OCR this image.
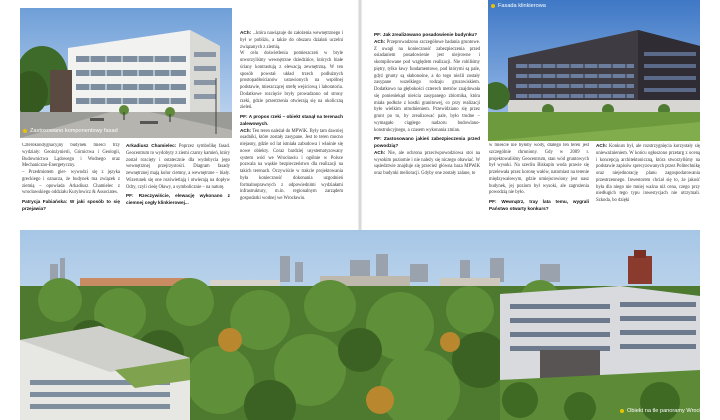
Zastosowano komponentowy fasad
Fasada klinkierowa

Czterokondygnacyjny budynek mieści trzy wydziały: Geoinżynierii, Górnictwa i Geologii, Budownictwa Lądowego i Wodnego oraz Mechaniczno-Energetyczny.

– Przedmiotem gier- wywodzi się z języka greckiego i oznacza, że budynek ma związek z ziemią – opowiada Arkadiusz Chamielec z wrocławskiego oddziału Kurylowicz & Associates.

Patrycja Fabiańska: W jaki sposób to się przejawia?

Arkadiusz Chamielec: Poprzez symbolikę fasad. Geocentrum to wydobyty z ziemi czarny kamień, który został rozcięty i ostatecznie dla wydobycia jego wewnętrznej przejrzystości. Diagram fasady zewnętrznej mają kolor ciemny, a wewnętrzne – biały. Wizerunek się one rozświetlają i otwierają na dopływ Odry, czyli cieśę Oławy, a symbolicznie – na naturę.

PF: Rzeczywiście, elewację wykonano z ciemnej cegły klinkierowej...

ACh: ...która nawiązuje do założenia wewnętrznego i był w pobliżu, a także do obszaru działań uczelni związanych z ziemią.

W celu doświetlenia pomieszczeń w bryle utworzyliśmy wewnętrzne dziedzińce, których białe ściany kontrastują z elewacją zewnętrzną. W ten sposób powstał układ trzech podłużnych prostopadłościanów ustawionych na wspólnej podstawie, mieszczącej strefę wejściową i laboratoria. Dodatkowe rozcięcie bryły prowadzono od strony rzeki, gdzie przestrzenia otwierają się na okoliczną zieleń.

PF: A propos rzeki – obiekt stanął na terenach zalewowych.

ACh: Ten teren należał do MPWiK. Były tam dawniej osadniki, które zostały zasypane. Jest to teren mocno niejasny, gdzie od lat istniała zabudowa i właśnie się nowe obiekty. Coraz bardziej usystematyzowany system wód we Wrocławiu i ogólnie w Polsce pozwala na wąskie bezpieczeństwo dla realizacji na takich terenach. Oczywiście w trakcie projektowania była konieczność dokonania uzgodnień formalnoprawnych z odpowiednimi wydziałami infrastruktury, m.in. regionalnym zarządem gospodarki wodnej we Wrocławiu.

PF: Jak zrealizowano posadowienie budynku?

ACh: Przeprowadzono szczegółowe badania gruntowe. Z uwagi na konieczność zabezpieczenia przed osiadaniem posadowienie jest niejrowne i skompilowane pod względem realizacji. Nie robiliśmy piętry, tylko ławy fundamentowe, pod którymi są pale, gdyż grunty są słabonośne, a do tego nieźli zostały zasypane wszelkiego rodzaju gruzowiskiem. Dodatkowo na głębokości czterech metrów znajdowała się ponieniekąd nieścia zasypanego zbiornika, która miała podłoże z kostki granitowej, co przy realizacji było wielkim utrudnieniem. Przewidziano się przez grunt po to, by zrealizować pale, było trudne – wymagało ciągłego nadzoru budowlano-konstrukcyjnego, a czasem wykonania zmian.

PF: Zastosowano jakieś zabezpieczenia przed powodzią?

ACh: Nie, ale ochrona przeciwpowodziowa stoi na wysokim poziomie i nie należy się niczego obawiać. W sąsiedztwie znajduje się przecież główna baza MPWiK oraz budynki melioracji. Gdyby one zostały zalane, to

w mieście nie byłoby wody, dlatego ten teren jest szczególnie chroniony. Gdy w 2009 r. projektowaliśmy Geocentrum, stan wód gruntowych był wysoki. Na szeciłu Biskupin woda prawie się przelewała przez koronę wałów, natomiast na terenie międzywałowym, gdzie umiejscowiony jest nasz budynek, jej poziom był wysoki, ale zagrożenia powodzią nie było.

PF: Wewnątrz, tray lata temu, wygrali Państwo otwarty konkurs?

ACh: Konkurs był, ale rozstrzygnięcia korzystały się unieważnieniem. W końcu ogłoszono przetarg z oceną i koncepcją architektoniczną, która stworzyliśmy na podstawie zapisów sprecyzowanych przez Politechnikę oraz niejednorację planu zagospodarowania przestrzennego. Inwestorem chciał się to, że jakość była dla niego nie mniej ważna niż cena, czego przy niedługich tego typu inwestycjach nie utrzymali. Szkoda, bo dzięki

Obiekt na tle panoramy Wrocławia
